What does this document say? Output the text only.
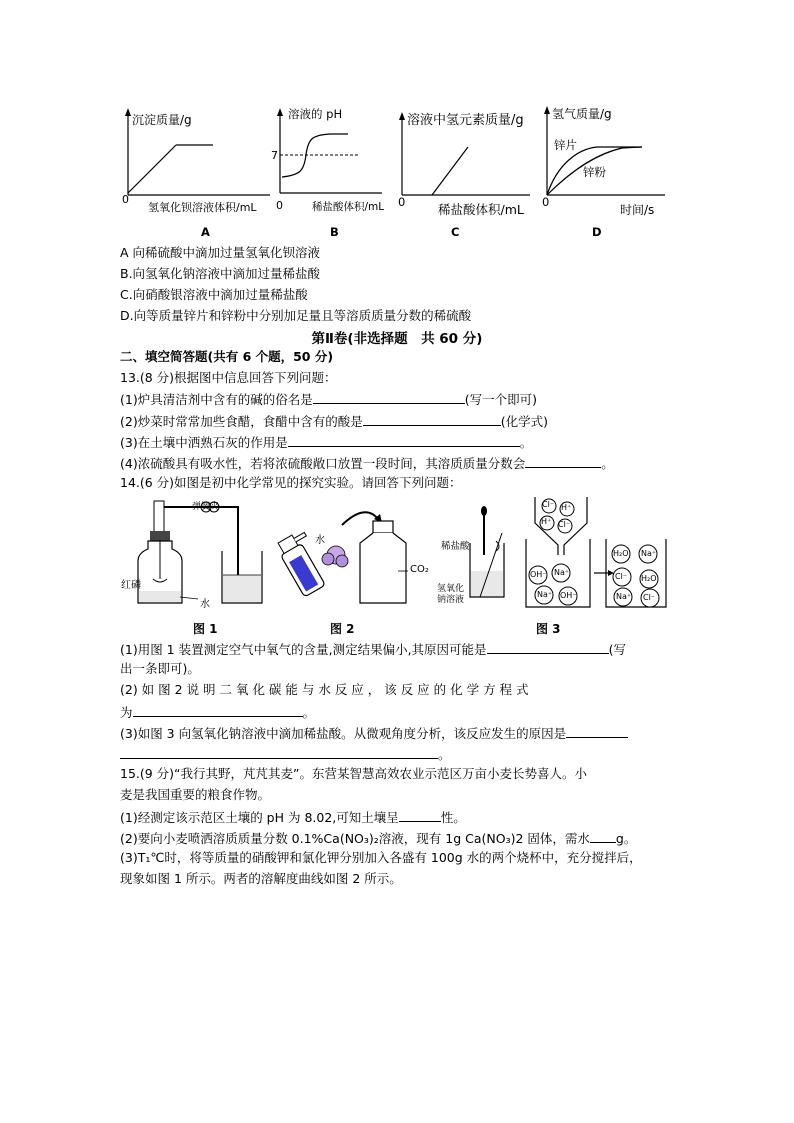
沉淀质量/g
0
氢氧化钡溶液体积/mL
A
溶液的 pH
7
0	稀盐酸体积/mL
B
溶液中氢元素质量/g
0	稀盐酸体积/mL
C
氢气质量/g
锌片
锌粉
0
时间/s
D
A 向稀硫酸中滴加过量氢氧化钡溶液
B.向氢氧化钠溶液中滴加过量稀盐酸
C.向硝酸银溶液中滴加过量稀盐酸
D.向等质量锌片和锌粉中分别加足量且等溶质质量分数的稀硫酸
第Ⅱ卷(非选择题　共 60 分)
二、填空简答题(共有 6 个题，50 分)
13.(8 分)根据图中信息回答下列问题：
(1)炉具清洁剂中含有的碱的俗名是	(写一个即可)
(2)炒菜时常常加些食醋，食醋中含有的酸是	(化学式)
(3)在土壤中洒熟石灰的作用是	。
(4)浓硫酸具有吸水性，若将浓硫酸敞口放置一段时间，其溶质质量分数会	。
14.(6 分)如图是初中化学常见的探究实验。请回答下列问题：
弹簧夹
红磷
水
图 1
水
CO₂
图 2
稀盐酸
氢氧化
钠溶液
Cl⁻ H⁺
H⁺ Cl⁻
OH⁻ Na⁺
Na⁺ OH⁻
H₂O Na⁺
Cl⁻ H₂O
Na⁺ Cl⁻
图 3
(1)用图 1 装置测定空气中氧气的含量,测定结果偏小,其原因可能是	(写
出一条即可)。
(2) 如 图 2 说 明 二 氧 化 碳 能 与 水 反 应 ， 该 反 应 的 化 学 方 程 式
为	。
(3)如图 3 向氢氧化钠溶液中滴加稀盐酸。从微观角度分析，该反应发生的原因是
。
15.(9 分)“我行其野，芃芃其麦”。东营某智慧高效农业示范区万亩小麦长势喜人。小
麦是我国重要的粮食作物。
(1)经测定该示范区土壤的 pH 为 8.02,可知土壤呈	性。
(2)要向小麦喷洒溶质质量分数 0.1%Ca(NO₃)₂溶液，现有 1g Ca(NO₃)2 固体，需水 g。
(3)T₁℃时，将等质量的硝酸钾和氯化钾分别加入各盛有 100g 水的两个烧杯中，充分搅拌后，
现象如图 1 所示。两者的溶解度曲线如图 2 所示。
